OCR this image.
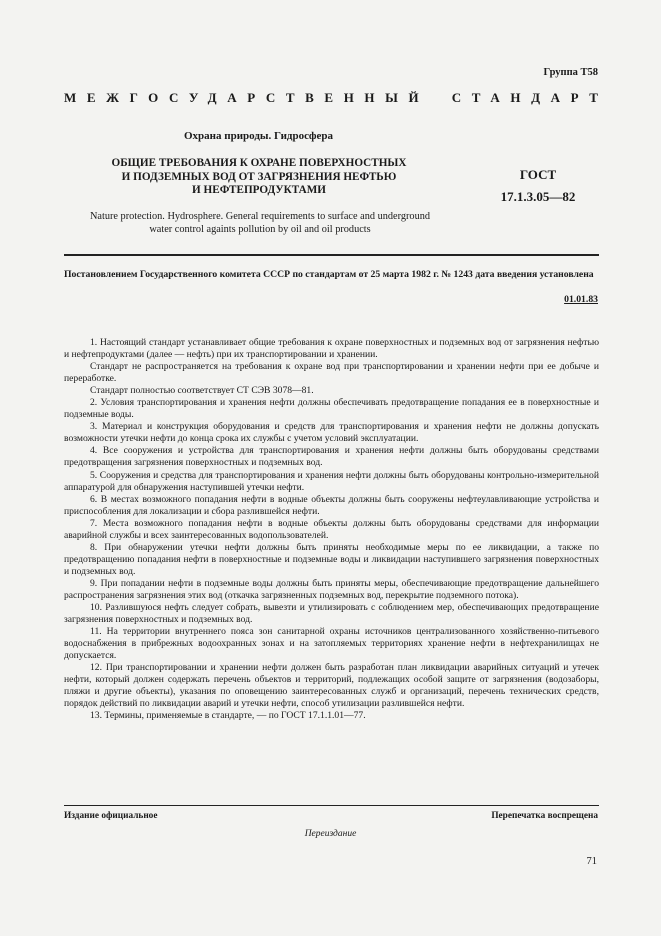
Группа Т58
МЕЖГОСУДАРСТВЕННЫЙ СТАНДАРТ
Охрана природы. Гидросфера
ОБЩИЕ ТРЕБОВАНИЯ К ОХРАНЕ ПОВЕРХНОСТНЫХ
И ПОДЗЕМНЫХ ВОД ОТ ЗАГРЯЗНЕНИЯ НЕФТЬЮ
И НЕФТЕПРОДУКТАМИ
ГОСТ
17.1.3.05—82
Nature protection. Hydrosphere. General requirements to surface and underground
water control againts pollution by oil and oil products
Постановлением Государственного комитета СССР по стандартам от 25 марта 1982 г. № 1243 дата введения установлена
01.01.83

1. Настоящий стандарт устанавливает общие требования к охране поверхностных и подземных вод от загрязнения нефтью и нефтепродуктами (далее — нефть) при их транспортировании и хранении.

Стандарт не распространяется на требования к охране вод при транспортировании и хранении нефти при ее добыче и переработке.

Стандарт полностью соответствует СТ СЭВ 3078—81.

2. Условия транспортирования и хранения нефти должны обеспечивать предотвращение попадания ее в поверхностные и подземные воды.

3. Материал и конструкция оборудования и средств для транспортирования и хранения нефти не должны допускать возможности утечки нефти до конца срока их службы с учетом условий эксплуатации.

4. Все сооружения и устройства для транспортирования и хранения нефти должны быть оборудованы средствами предотвращения загрязнения поверхностных и подземных вод.

5. Сооружения и средства для транспортирования и хранения нефти должны быть оборудованы контрольно-измерительной аппаратурой для обнаружения наступившей утечки нефти.

6. В местах возможного попадания нефти в водные объекты должны быть сооружены нефтеулавливающие устройства и приспособления для локализации и сбора разлившейся нефти.

7. Места возможного попадания нефти в водные объекты должны быть оборудованы средствами для информации аварийной службы и всех заинтересованных водопользователей.

8. При обнаружении утечки нефти должны быть приняты необходимые меры по ее ликвидации, а также по предотвращению попадания нефти в поверхностные и подземные воды и ликвидации наступившего загрязнения поверхностных и подземных вод.

9. При попадании нефти в подземные воды должны быть приняты меры, обеспечивающие предотвращение дальнейшего распространения загрязнения этих вод (откачка загрязненных подземных вод, перекрытие подземного потока).

10. Разлившуюся нефть следует собрать, вывезти и утилизировать с соблюдением мер, обеспечивающих предотвращение загрязнения поверхностных и подземных вод.

11. На территории внутреннего пояса зон санитарной охраны источников централизованного хозяйственно-питьевого водоснабжения в прибрежных водоохранных зонах и на затопляемых территориях хранение нефти в нефтехранилищах не допускается.

12. При транспортировании и хранении нефти должен быть разработан план ликвидации аварийных ситуаций и утечек нефти, который должен содержать перечень объектов и территорий, подлежащих особой защите от загрязнения (водозаборы, пляжи и другие объекты), указания по оповещению заинтересованных служб и организаций, перечень технических средств, порядок действий по ликвидации аварий и утечки нефти, способ утилизации разлившейся нефти.

13. Термины, применяемые в стандарте, — по ГОСТ 17.1.1.01—77.

Издание официальное	Перепечатка воспрещена
Переиздание
71
